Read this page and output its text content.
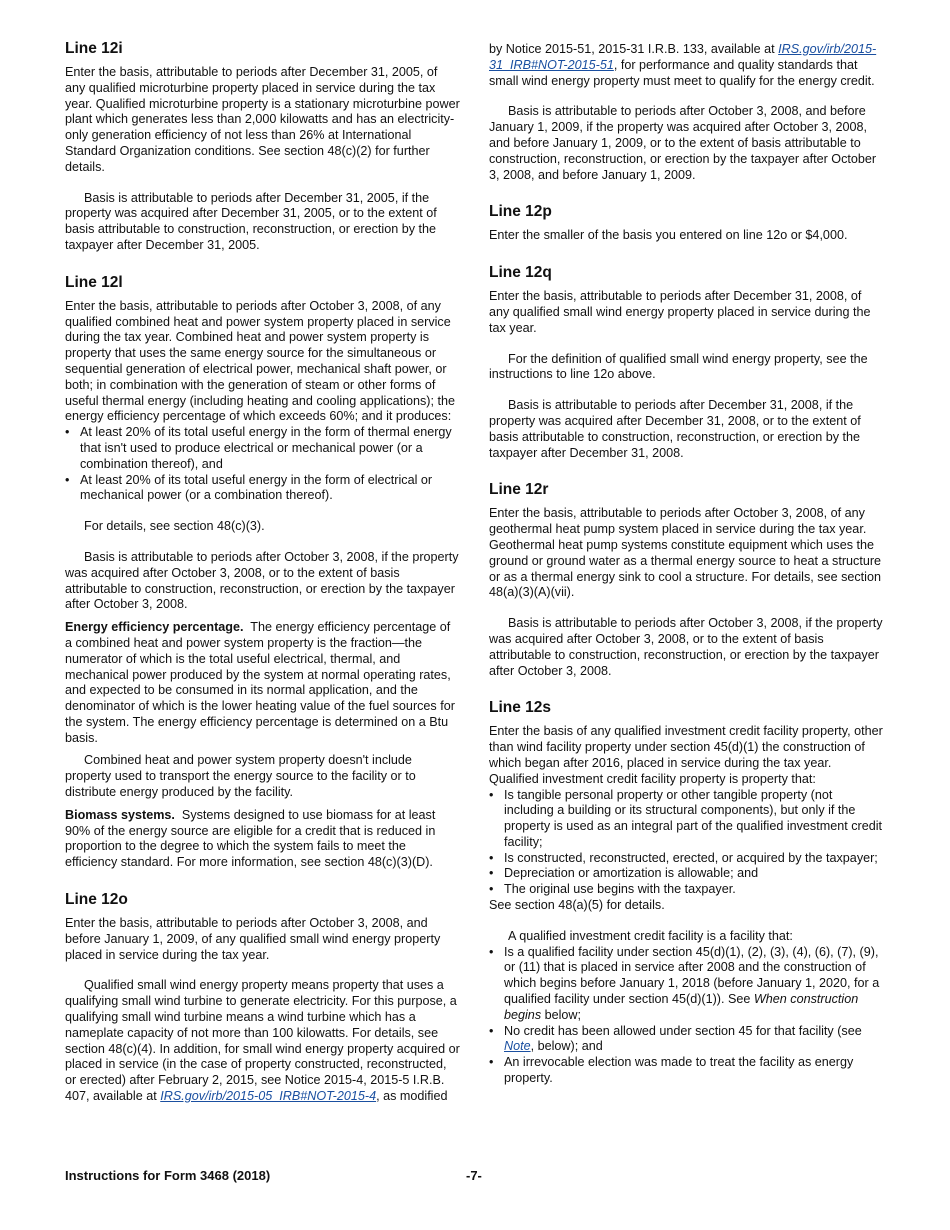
Line 12i

Enter the basis, attributable to periods after December 31, 2005, of any qualified microturbine property placed in service during the tax year. Qualified microturbine property is a stationary microturbine power plant which generates less than 2,000 kilowatts and has an electricity-only generation efficiency of not less than 26% at International Standard Organization conditions. See section 48(c)(2) for further details.

Basis is attributable to periods after December 31, 2005, if the property was acquired after December 31, 2005, or to the extent of basis attributable to construction, reconstruction, or erection by the taxpayer after December 31, 2005.

Line 12l

Enter the basis, attributable to periods after October 3, 2008, of any qualified combined heat and power system property placed in service during the tax year. Combined heat and power system property is property that uses the same energy source for the simultaneous or sequential generation of electrical power, mechanical shaft power, or both; in combination with the generation of steam or other forms of useful thermal energy (including heating and cooling applications); the energy efficiency percentage of which exceeds 60%; and it produces:

• At least 20% of its total useful energy in the form of thermal energy that isn't used to produce electrical or mechanical power (or a combination thereof), and
• At least 20% of its total useful energy in the form of electrical or mechanical power (or a combination thereof).

For details, see section 48(c)(3).

Basis is attributable to periods after October 3, 2008, if the property was acquired after October 3, 2008, or to the extent of basis attributable to construction, reconstruction, or erection by the taxpayer after October 3, 2008.

Energy efficiency percentage. The energy efficiency percentage of a combined heat and power system property is the fraction—the numerator of which is the total useful electrical, thermal, and mechanical power produced by the system at normal operating rates, and expected to be consumed in its normal application, and the denominator of which is the lower heating value of the fuel sources for the system. The energy efficiency percentage is determined on a Btu basis.

Combined heat and power system property doesn't include property used to transport the energy source to the facility or to distribute energy produced by the facility.

Biomass systems. Systems designed to use biomass for at least 90% of the energy source are eligible for a credit that is reduced in proportion to the degree to which the system fails to meet the efficiency standard. For more information, see section 48(c)(3)(D).

Line 12o

Enter the basis, attributable to periods after October 3, 2008, and before January 1, 2009, of any qualified small wind energy property placed in service during the tax year.

Qualified small wind energy property means property that uses a qualifying small wind turbine to generate electricity. For this purpose, a qualifying small wind turbine means a wind turbine which has a nameplate capacity of not more than 100 kilowatts. For details, see section 48(c)(4). In addition, for small wind energy property acquired or placed in service (in the case of property constructed, reconstructed, or erected) after February 2, 2015, see Notice 2015-4, 2015-5 I.R.B. 407, available at IRS.gov/irb/2015-05_IRB#NOT-2015-4, as modified

by Notice 2015-51, 2015-31 I.R.B. 133, available at IRS.gov/irb/2015-31_IRB#NOT-2015-51, for performance and quality standards that small wind energy property must meet to qualify for the energy credit.

Basis is attributable to periods after October 3, 2008, and before January 1, 2009, if the property was acquired after October 3, 2008, and before January 1, 2009, or to the extent of basis attributable to construction, reconstruction, or erection by the taxpayer after October 3, 2008, and before January 1, 2009.

Line 12p

Enter the smaller of the basis you entered on line 12o or $4,000.

Line 12q

Enter the basis, attributable to periods after December 31, 2008, of any qualified small wind energy property placed in service during the tax year.

For the definition of qualified small wind energy property, see the instructions to line 12o above.

Basis is attributable to periods after December 31, 2008, if the property was acquired after December 31, 2008, or to the extent of basis attributable to construction, reconstruction, or erection by the taxpayer after December 31, 2008.

Line 12r

Enter the basis, attributable to periods after October 3, 2008, of any geothermal heat pump system placed in service during the tax year. Geothermal heat pump systems constitute equipment which uses the ground or ground water as a thermal energy source to heat a structure or as a thermal energy sink to cool a structure. For details, see section 48(a)(3)(A)(vii).

Basis is attributable to periods after October 3, 2008, if the property was acquired after October 3, 2008, or to the extent of basis attributable to construction, reconstruction, or erection by the taxpayer after October 3, 2008.

Line 12s

Enter the basis of any qualified investment credit facility property, other than wind facility property under section 45(d)(1) the construction of which began after 2016, placed in service during the tax year. Qualified investment credit facility property is property that:

• Is tangible personal property or other tangible property (not including a building or its structural components), but only if the property is used as an integral part of the qualified investment credit facility;
• Is constructed, reconstructed, erected, or acquired by the taxpayer;
• Depreciation or amortization is allowable; and
• The original use begins with the taxpayer.

See section 48(a)(5) for details.

A qualified investment credit facility is a facility that:

• Is a qualified facility under section 45(d)(1), (2), (3), (4), (6), (7), (9), or (11) that is placed in service after 2008 and the construction of which begins before January 1, 2018 (before January 1, 2020, for a qualified facility under section 45(d)(1)). See When construction begins below;
• No credit has been allowed under section 45 for that facility (see Note, below); and
• An irrevocable election was made to treat the facility as energy property.
Instructions for Form 3468 (2018)	-7-
